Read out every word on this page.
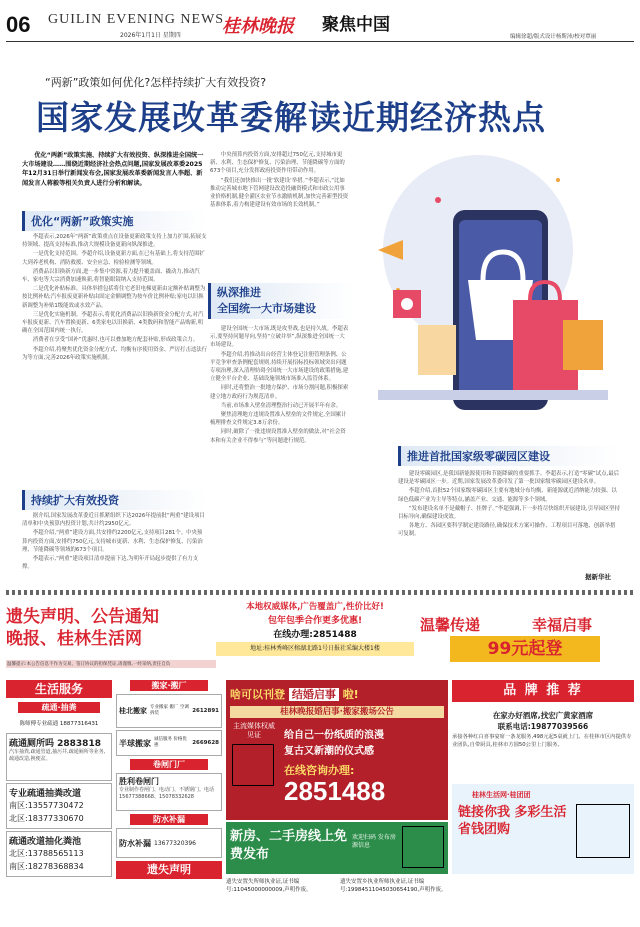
06 GUILIN EVENING NEWS
2026年1月1日 星期四 桂林晚报 聚焦中国
编辑徐超/版式设计杨斯沛/校对覃丽
“两新”政策如何优化?怎样持续扩大有效投资?
国家发展改革委解读近期经济热点

优化“两新”政策实施、持续扩大有效投资、纵深推进全国统一大市场建设……围绕近期经济社会热点问题,国家发展改革委2025年12月31日举行新闻发布会,国家发展改革委新闻发言人李超、新闻发言人蒋毅等相关负责人进行分析和解读。

优化“两新”政策实施

李超表示,2026年“两新”政策重点在设备更新政策支持上加力扩围,拓展支持领域、提高支持标准,推动大规模设备更新向纵深推进。

一是优化支持范围。李超介绍,设备更新方面,在已有基础上,将支持范围扩大到养老机构、消防救援、安全应急、检验检测等领域。

消费品以旧换新方面,进一步集中资源,着力提升覆盖面、撬动力,推动汽车、家电等大宗消费加速焕新,将智能眼镜纳入支持范围。

二是优化补贴标准。具体举措包括将住宅老旧电梯更新由定额补贴调整为按比例补贴;汽车报废更新补贴由固定金额调整为按车价比例补贴;家电以旧换新调整为补贴1级能效或水效产品。

三是优化实施机制。李超表示,将优化消费品以旧换新资金分配方式,对汽车报废更新、汽车置换更新、6类家电以旧换新、4类数码和智能产品购新,明确在全国范围内统一执行。

消费者在享受“国补”优惠时,也可以叠加地方配套补贴,形成政策合力。

李超介绍,将聚焦优化资金分配方式、均衡有序使用资金、严厉打击违法行为等方面,完善2026年政策实施机制。

持续扩大有效投资

据介绍,国家发展改革委近日抓紧组织下达2026年提前批“两重”建设项目清单和中央预算内投资计划,共计约2950亿元。

李超介绍,“两重”建设方面,共安排约2200亿元,支持项目281个。中央预算内投资方面,安排约750亿元,支持城市更新、水利、生态保护修复、污染治理、节能降碳等领域的673个项目。

李超表示,“两重”建设项目清单提前下达,为明年开局起步提供了有力支撑。

中央预算内投资方面,安排超过750亿元,支持城市更新、水利、生态保护修复、污染治理、节能降碳等方面的673个项目,充分发挥政府投资作用带动作用。

“我们还加快推出一批‘软建设’举措。”李超表示,“比如推动完善城市地下管网建设改造投融资模式和市政公用事业价格机制,健全灌区农业节水激励机制,加快完善新型投资基准体系,着力构建建设有效市场的长效机制。”

纵深推进
全国统一大市场建设

建设全国统一大市场,既是攻坚战,也是持久战。李超表示,要坚持问题导向,坚持“立破并举”,纵深推进全国统一大市场建设。

李超介绍,将推动出台经营主体登记注册管理条例、公平竞争审查条例配套规则,持续开展招标投标领域突出问题专项治理,深入清理妨碍全国统一大市场建设的政策措施,建立健全平台企业、基础设施领域市场准入监管体系。

同时,还将整治一批地方保护、市场分割问题,积极探索建立地方政府行为规范清单。

当前,市场准入壁垒清理整治行动已开展半年有余。

聚焦清理地方违规设置准入壁垒的文件规定,全国累计梳理排查文件规定3.8万余份。

同时,破除了一批违规设置准入壁垒的做法,对“社会资本和有关企业不得参与”等问题进行规范。

推进首批国家级零碳园区建设

建设零碳园区,是我国新能源使用和节能降碳的重要抓手。李超表示,打造“零碳”试点,最后建设是零碳园区一步。近期,国家发展改革委印发了第一批国家级零碳园区建设名单。

李超介绍,首批52个国家级零碳园区主要有地域分布均衡、新能源就近消纳能力较强、以绿色低碳产业为主导等特点,涵盖产业、交通、能源等多个领域。

“发布建设名单不是戴帽子、挂牌子。”李超强调,下一步将尽快组织开展建设,引导园区坚持目标导向,确保建设成效。

各地方、各园区要科学制定建设路径,确保技术方案可操作、工程项目可落地、创新举措可复制。

据新华社
遗失声明、公告通知
晚报、桂林生活网
温馨提示:本公告信息不作为交易、签订协议的担保凭证,请谨慎,一经采纳,责任自负
本地权威媒体,广告覆盖广,性价比好!
包年包季合作更多优惠!
在线办理:2851488
地址:桂林秀峰区榕湖北路1号日报社采编大楼1楼
温馨传递	幸福启事
99元起登
生活服务
疏通·抽粪
陈师傅专业疏通 18877316431
疏通厕所吗 2883818
汽车抽粪,疏通管道,抽污井,疏通厕所等业务,疏通改造,换便盆。
专业疏通抽粪改道
南区:13557730472
北区:18377330670
疏通改道抽化粪池
北区:13788565113
南区:18278368834
搬家·搬厂
桂北搬家 专业搬家 搬厂 空调 拆装	2612891
半球搬家 诚信服务 价格优惠	2669628
卷闸门厂
胜利卷闸门
专业制作卷闸门、电动门、不锈钢门。电话 15677388668、15078332628
防水补漏
防水补漏 13677320396
遗失声明
啥可以刊登 结婚启事 啦!
桂林晚报婚启事·搬家搬场公告
主流媒体权威见证	给自己一份纸质的浪漫
复古又新潮的仪式感
在线咨询办理:
2851488
新房、二手房线上免费发布
欢迎扫码 发布房源信息
品 牌 推 荐
在家办好酒席,找宏广黄家酒席
联系电话:19877039566
承接各种红白喜事宴席一条龙服务,498元起5桌就上门。在桂林市区内提供专业团队,自带厨具,桂林市方圆50公里上门服务。
桂林生活网·桂团团
链接你我 多彩生活省钱团购
遗失安置失所师执业证,证书编号:11045000000009,声明作废。
遗失安置乡执业所师执业证,证书编号:19984511045030654190,声明作废。
